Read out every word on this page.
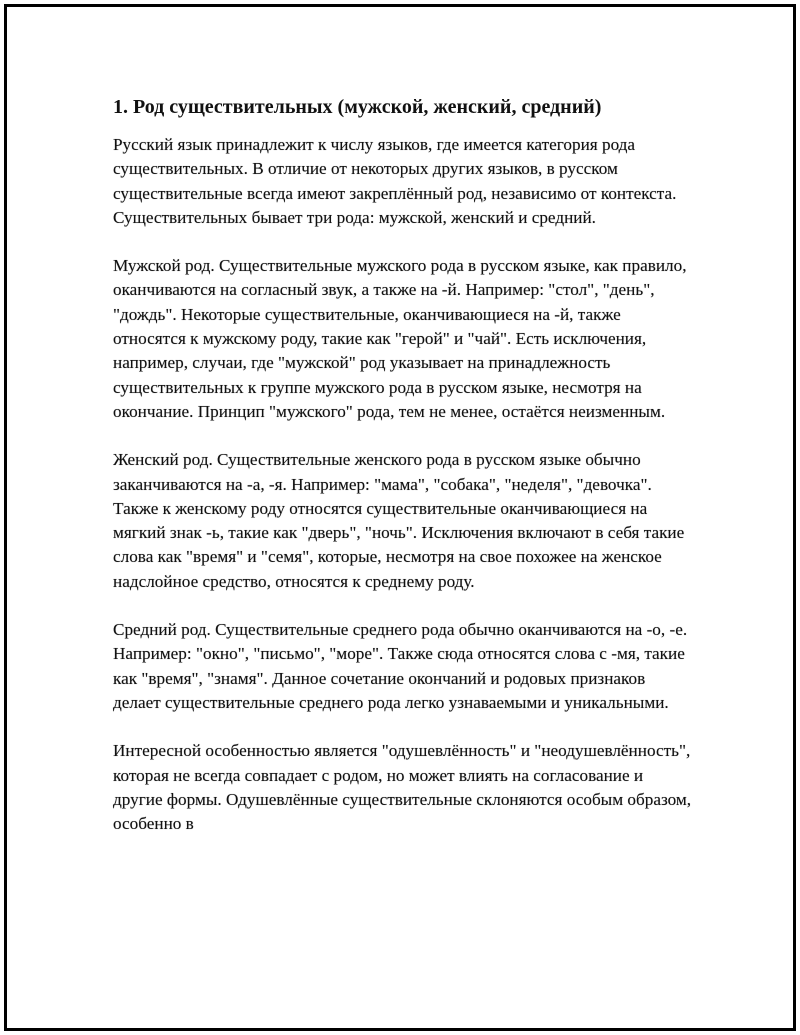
1. Род существительных (мужской, женский, средний)

Русский язык принадлежит к числу языков, где имеется категория рода существительных. В отличие от некоторых других языков, в русском существительные всегда имеют закреплённый род, независимо от контекста. Существительных бывает три рода: мужской, женский и средний.

Мужской род. Существительные мужского рода в русском языке, как правило, оканчиваются на согласный звук, а также на -й. Например: "стол", "день", "дождь". Некоторые существительные, оканчивающиеся на -й, также относятся к мужскому роду, такие как "герой" и "чай". Есть исключения, например, случаи, где "мужской" род указывает на принадлежность существительных к группе мужского рода в русском языке, несмотря на окончание. Принцип "мужского" рода, тем не менее, остаётся неизменным.

Женский род. Существительные женского рода в русском языке обычно заканчиваются на -а, -я. Например: "мама", "собака", "неделя", "девочка". Также к женскому роду относятся существительные оканчивающиеся на мягкий знак -ь, такие как "дверь", "ночь". Исключения включают в себя такие слова как "время" и "семя", которые, несмотря на свое похожее на женское надслойное средство, относятся к среднему роду.

Средний род. Существительные среднего рода обычно оканчиваются на -о, -е. Например: "окно", "письмо", "море". Также сюда относятся слова с -мя, такие как "время", "знамя". Данное сочетание окончаний и родовых признаков делает существительные среднего рода легко узнаваемыми и уникальными.

Интересной особенностью является "одушевлённость" и "неодушевлённость", которая не всегда совпадает с родом, но может влиять на согласование и другие формы. Одушевлённые существительные склоняются особым образом, особенно в
